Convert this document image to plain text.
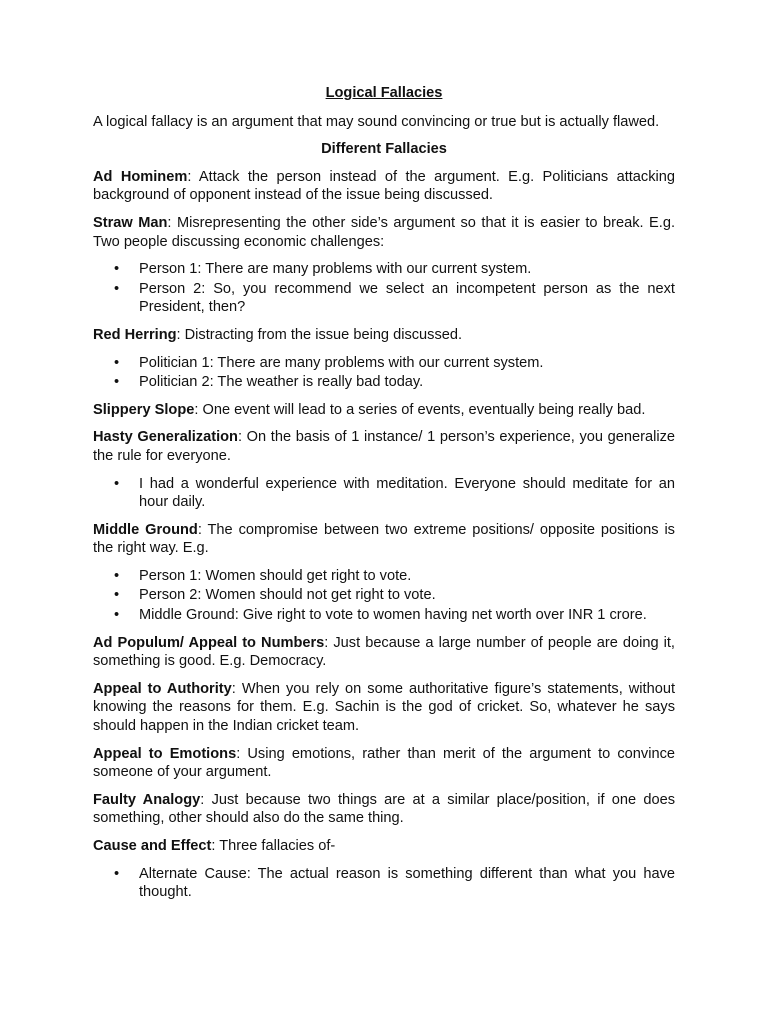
Logical Fallacies

A logical fallacy is an argument that may sound convincing or true but is actually flawed.

Different Fallacies

Ad Hominem: Attack the person instead of the argument. E.g. Politicians attacking background of opponent instead of the issue being discussed.

Straw Man: Misrepresenting the other side’s argument so that it is easier to break. E.g. Two people discussing economic challenges:

• Person 1: There are many problems with our current system.
• Person 2: So, you recommend we select an incompetent person as the next President, then?

Red Herring: Distracting from the issue being discussed.

• Politician 1: There are many problems with our current system.
• Politician 2: The weather is really bad today.

Slippery Slope: One event will lead to a series of events, eventually being really bad.

Hasty Generalization: On the basis of 1 instance/ 1 person’s experience, you generalize the rule for everyone.

• I had a wonderful experience with meditation. Everyone should meditate for an hour daily.

Middle Ground: The compromise between two extreme positions/ opposite positions is the right way. E.g.

• Person 1: Women should get right to vote.
• Person 2: Women should not get right to vote.
• Middle Ground: Give right to vote to women having net worth over INR 1 crore.

Ad Populum/ Appeal to Numbers: Just because a large number of people are doing it, something is good. E.g. Democracy.

Appeal to Authority: When you rely on some authoritative figure’s statements, without knowing the reasons for them. E.g. Sachin is the god of cricket. So, whatever he says should happen in the Indian cricket team.

Appeal to Emotions: Using emotions, rather than merit of the argument to convince someone of your argument.

Faulty Analogy: Just because two things are at a similar place/position, if one does something, other should also do the same thing.

Cause and Effect: Three fallacies of-

• Alternate Cause: The actual reason is something different than what you have thought.
